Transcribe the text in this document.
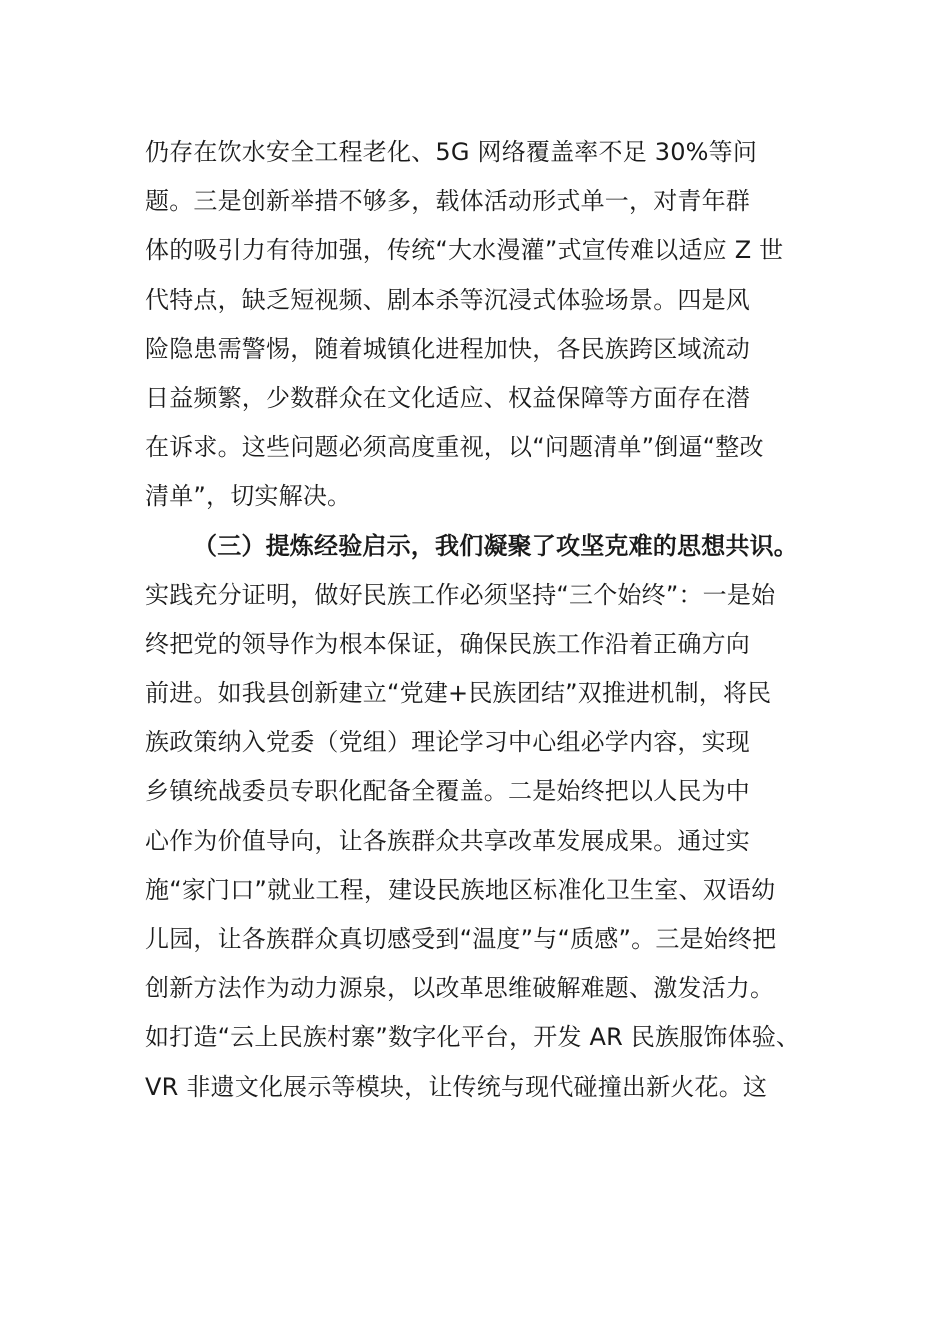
仍存在饮水安全工程老化、5G 网络覆盖率不足 30%等问
题。三是创新举措不够多，载体活动形式单一，对青年群
体的吸引力有待加强，传统“大水漫灌”式宣传难以适应 Z 世
代特点，缺乏短视频、剧本杀等沉浸式体验场景。四是风
险隐患需警惕，随着城镇化进程加快，各民族跨区域流动
日益频繁，少数群众在文化适应、权益保障等方面存在潜
在诉求。这些问题必须高度重视，以“问题清单”倒逼“整改
清单”，切实解决。
（三）提炼经验启示，我们凝聚了攻坚克难的思想共识。
实践充分证明，做好民族工作必须坚持“三个始终”：一是始
终把党的领导作为根本保证，确保民族工作沿着正确方向
前进。如我县创新建立“党建+民族团结”双推进机制，将民
族政策纳入党委（党组）理论学习中心组必学内容，实现
乡镇统战委员专职化配备全覆盖。二是始终把以人民为中
心作为价值导向，让各族群众共享改革发展成果。通过实
施“家门口”就业工程，建设民族地区标准化卫生室、双语幼
儿园，让各族群众真切感受到“温度”与“质感”。三是始终把
创新方法作为动力源泉，以改革思维破解难题、激发活力。
如打造“云上民族村寨”数字化平台，开发 AR 民族服饰体验、
VR 非遗文化展示等模块，让传统与现代碰撞出新火花。这
